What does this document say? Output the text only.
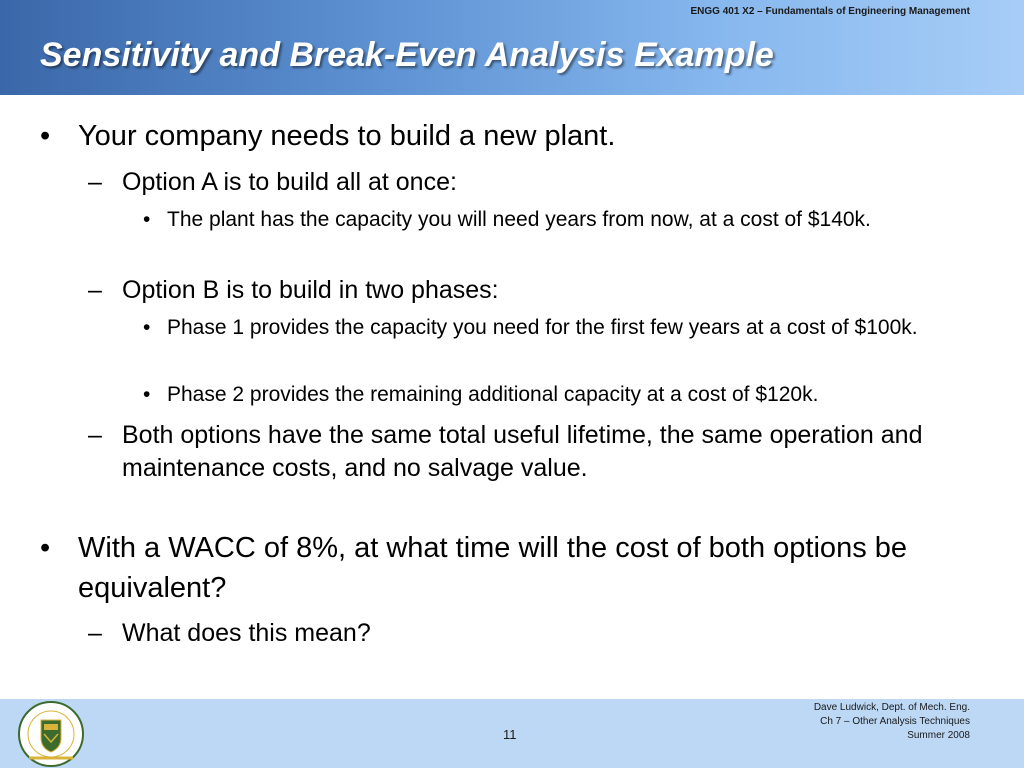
ENGG 401 X2 – Fundamentals of Engineering Management
Sensitivity and Break-Even Analysis Example
• Your company needs to build a new plant.
– Option A is to build all at once:
• The plant has the capacity you will need years from now, at a cost of $140k.
– Option B is to build in two phases:
• Phase 1 provides the capacity you need for the first few years at a cost of $100k.
• Phase 2 provides the remaining additional capacity at a cost of $120k.
– Both options have the same total useful lifetime, the same operation and maintenance costs, and no salvage value.
• With a WACC of 8%, at what time will the cost of both options be equivalent?
– What does this mean?
11
Dave Ludwick, Dept. of Mech. Eng.
Ch 7 – Other Analysis Techniques
Summer 2008
